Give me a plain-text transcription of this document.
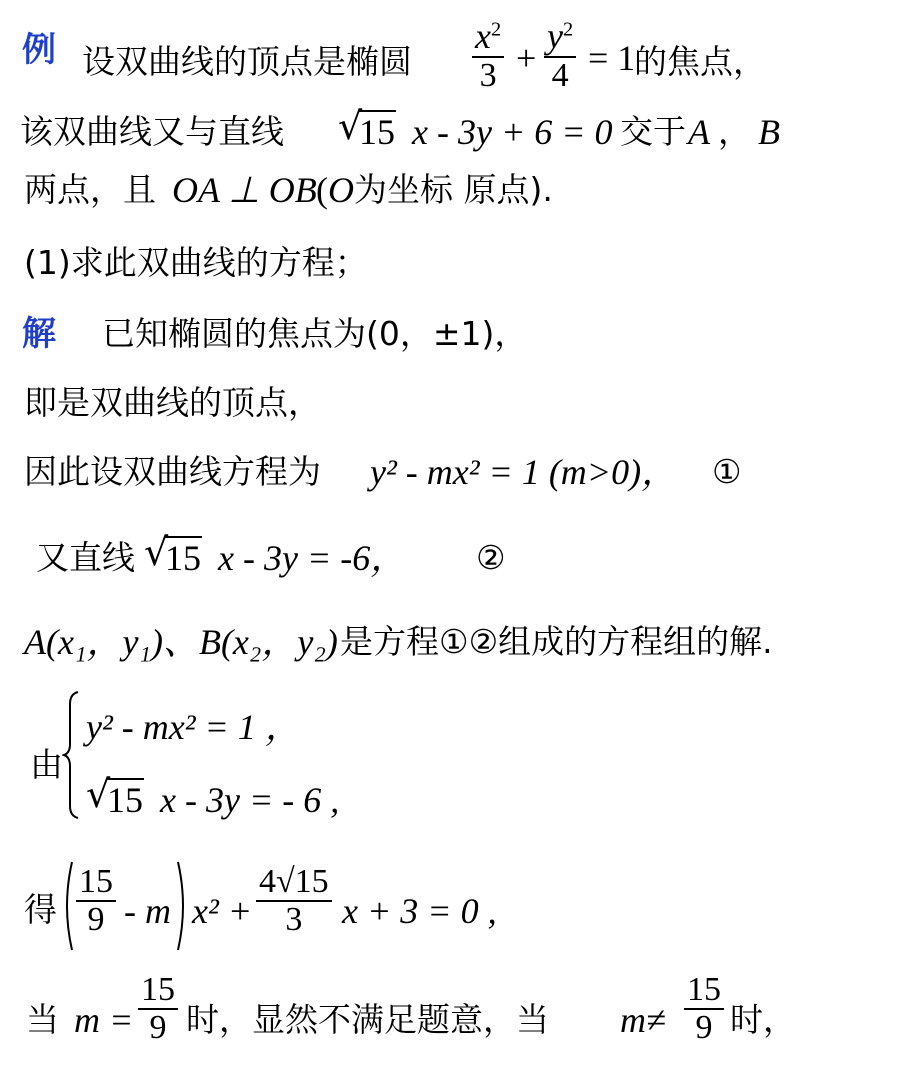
例 设双曲线的顶点是椭圆 $\frac{x^2}{3} + \frac{y^2}{4} = 1$
的焦点，
该双曲线又与直线	√ 15 x - 3y + 6 = 0 交于 A ， B
两点，且 OA ⊥ OB ( O 为坐标 原点).
(1)求此双曲线的方程；
解 已知椭圆的焦点为(0，±1)，
即是双曲线的顶点，
因此设双曲线方程为 y² - mx² = 1 (m>0)， ①
又直线 √ 15 x - 3y = -6， ②
A(x₁，y₁)、B(x₂，y₂) 是方程①②组成的方程组的解.
由
y² - mx² = 1 ，
√ 15 x - 3y = - 6 ,
得 $\frac{15}{9}$ - m $x^2 + \frac{4√15}{3}$ x + 3 = 0 ,
当 $m = \frac{15}{9}$ 时，显然不满足题意，当 $m\ne \frac{15}{9}$ 时，
